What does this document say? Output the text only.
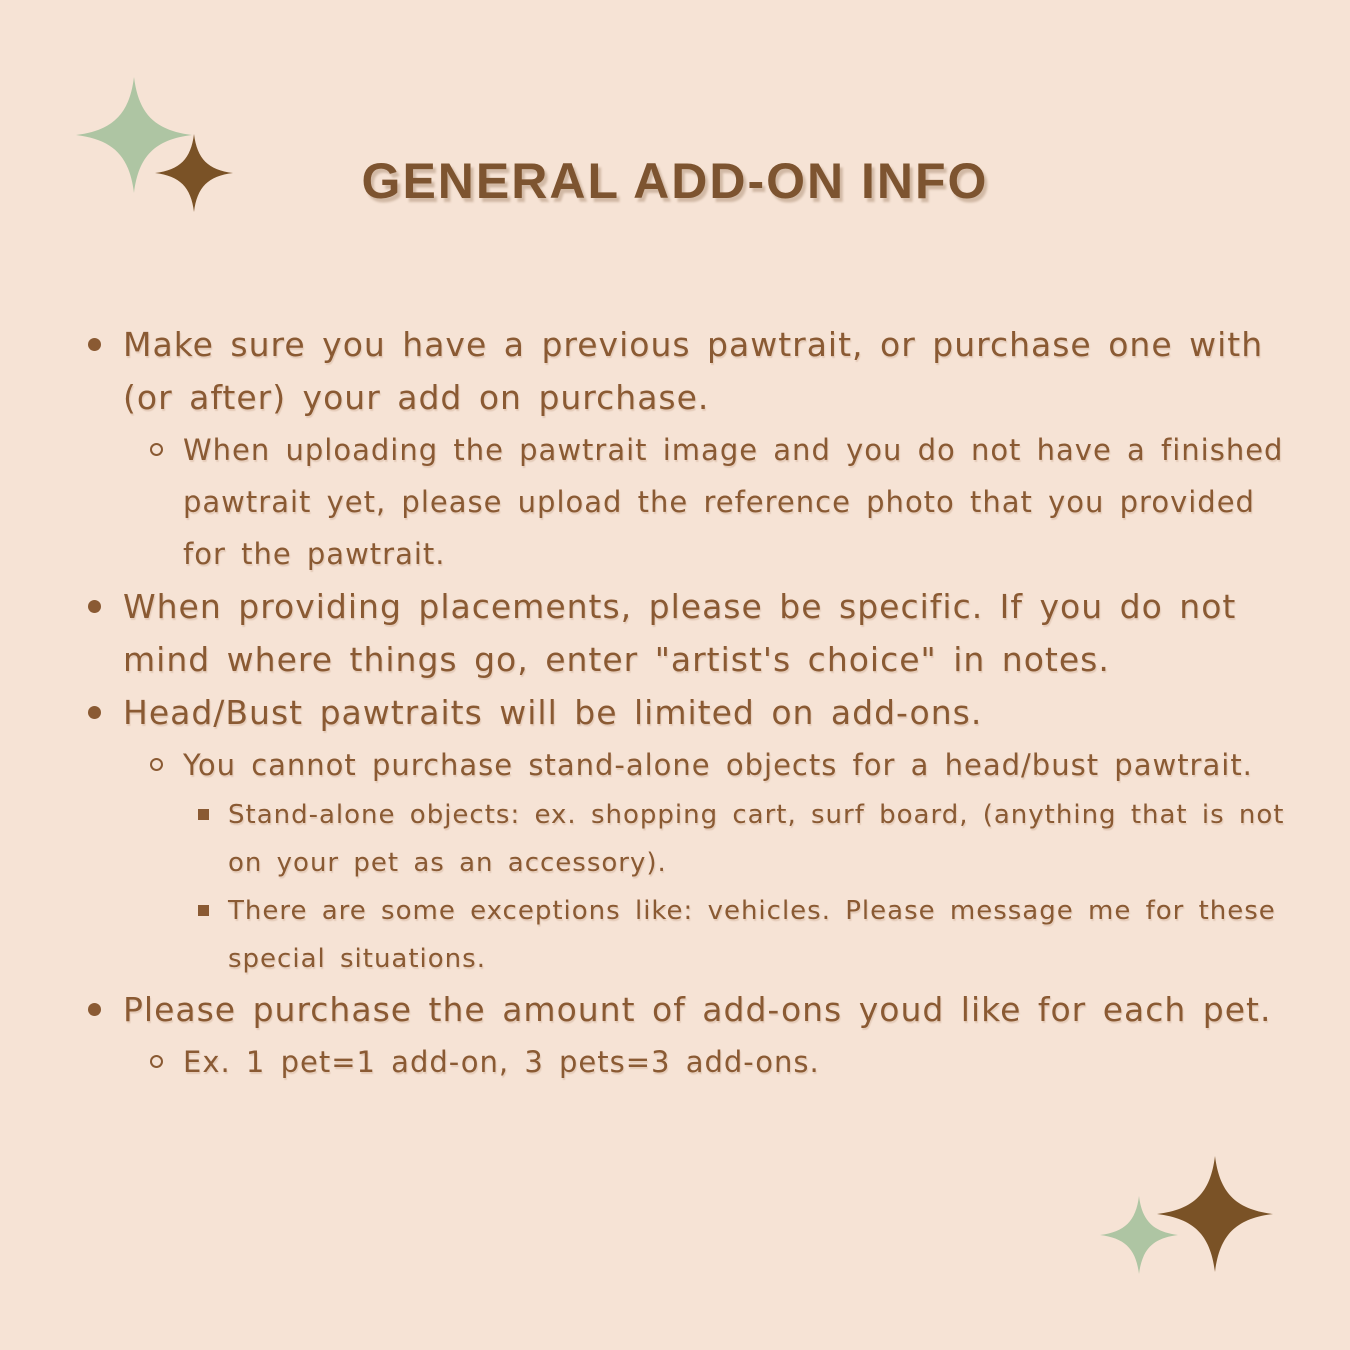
GENERAL ADD-ON INFO
Make sure you have a previous pawtrait, or purchase one with (or after) your add on purchase.
When uploading the pawtrait image and you do not have a finished pawtrait yet, please upload the reference photo that you provided for the pawtrait.
When providing placements, please be specific. If you do not mind where things go, enter "artist's choice" in notes.
Head/Bust pawtraits will be limited on add-ons.
You cannot purchase stand-alone objects for a head/bust pawtrait.
Stand-alone objects: ex. shopping cart, surf board, (anything that is not on your pet as an accessory).
There are some exceptions like: vehicles. Please message me for these special situations.
Please purchase the amount of add-ons youd like for each pet.
Ex. 1 pet=1 add-on, 3 pets=3 add-ons.
